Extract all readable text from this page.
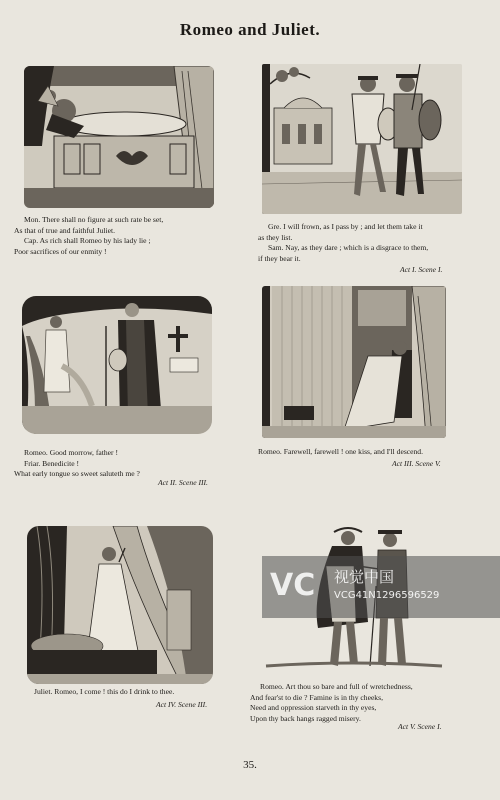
Romeo and Juliet.
Mon. There shall no figure at such rate be set,
As that of true and faithful Juliet.
Cap. As rich shall Romeo by his lady lie ;
Poor sacrifices of our enmity !
Gre. I will frown, as I pass by ; and let them take it
as they list.
Sam. Nay, as they dare ; which is a disgrace to them,
if they bear it.
Act I. Scene I.
Romeo. Good morrow, father !
Friar. Benedicite !
What early tongue so sweet saluteth me ?
Act II. Scene III.
Romeo. Farewell, farewell ! one kiss, and I'll descend.
Act III. Scene V.
Juliet. Romeo, I come ! this do I drink to thee.
Act IV. Scene III.
VC	视觉中国
VCG41N1296596529
Romeo. Art thou so bare and full of wretchedness,
And fear'st to die ? Famine is in thy cheeks,
Need and oppression starveth in thy eyes,
Upon thy back hangs ragged misery.
Act V. Scene I.
35.
